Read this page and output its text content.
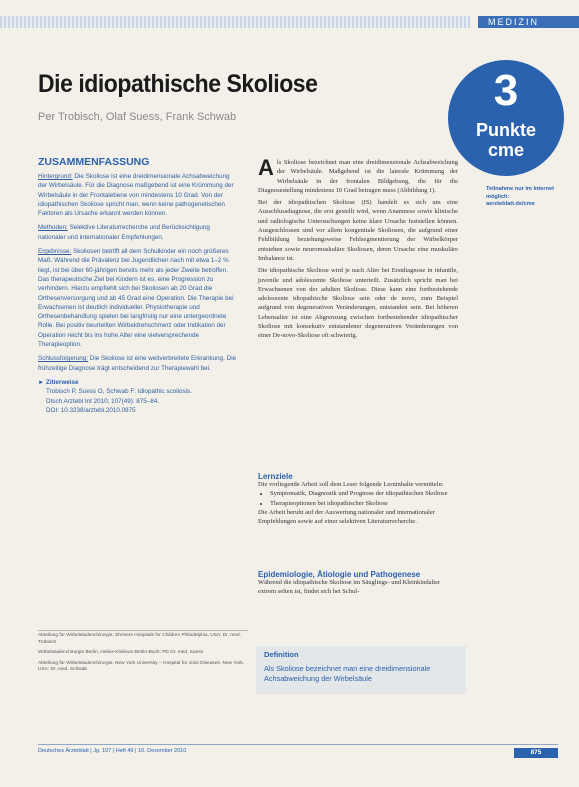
MEDIZIN
Die idiopathische Skoliose
Per Trobisch, Olaf Suess, Frank Schwab
3
Punkte
cme
ZUSAMMENFASSUNG

Hintergrund: Die Skoliose ist eine dreidimensionale Achsabweichung der Wirbelsäule. Für die Diagnose maßgebend ist eine Krümmung der Wirbelsäule in der Frontalebene von mindestens 10 Grad. Von der idiopathischen Skoliose spricht man, wenn keine pathogenetischen Faktoren als Ursache erkannt werden können.

Methoden: Selektive Literaturrecherche und Berücksichtigung nationaler und internationaler Empfehlungen.

Ergebnisse: Skoliosen betrifft all dem Schulkinder ein noch größeres Maß. Während die Prävalenz bei Jugendlichen nach mit etwa 1–2 % liegt, ist bei über 60-jährigen bereits mehr als jeder Zweite betroffen. Das therapeutische Ziel bei Kindern ist es, eine Progression zu verhindern. Hierzu empfiehlt sich bei Skoliosen ab 20 Grad die Orthesenversorgung und ab 45 Grad eine Operation. Die Therapie bei Erwachsenen ist deutlich individueller. Physiotherapie und Orthesenbehandlung spielen bei langfristig nur eine untergeordnete Rolle. Bei positiv beurteilten Wirbeldrehschmerz oder Indikation der Operation reicht bis ins hohe Alter eine vielversprechende Therapieoption.

Schlussfolgerung: Die Skoliose ist eine weitverbreitete Erkrankung. Die frühzeitige Diagnose trägt entscheidend zur Therapiewahl bei.

► Zitierweise
Trobisch P, Suess O, Schwab F: Idiopathic scoliosis.
Dtsch Arztebl Int 2010; 107(49): 875–84.
DOI: 10.3238/arztebl.2010.0875

Als Skoliose bezeichnet man eine dreidimensionale Achsabweichung der Wirbelsäule. Maßgebend ist die laterale Krümmung der Wirbelsäule in der frontalen Bildgebung, die für die Diagnosestellung mindestens 10 Grad betragen muss (Abbildung 1).

Bei der idiopathischen Skoliose (IS) handelt es sich um eine Ausschlussdiagnose, die erst gestellt wird, wenn Anamnese sowie klinische und radiologische Untersuchungen keine klare Ursache feststellen können. Ausgeschlossen sind vor allem kongenitale Skoliosen, die aufgrund einer Fehlbildung beziehungsweise Fehlsegmentierung der Wirbelkörper entstehen sowie neuromuskuläre Skoliosen, deren Ursache eine muskuläre Imbalance ist.

Die idiopathische Skoliose wird je nach Alter bei Erstdiagnose in infantile, juvenile und adoleszente Skoliose unterteilt. Zusätzlich spricht man bei Erwachsenen von der adulten Skoliose. Diese kann eine fortbestehende adoleszente idiopathische Skoliose sein oder de novo, zum Beispiel aufgrund von degenerativen Veränderungen, entstanden sein. Bei höheren Lebensalter ist eine Abgrenzung zwischen fortbestehender idiopathischer Skoliose mit konsekutiv entstandener degenerativen Veränderungen von einer De-novo-Skoliose oft schwierig.

Teilnahme nur im Internet möglich: aerzteblatt.de/cme
Lernziele
Die vorliegende Arbeit soll dem Leser folgende Lerninhalte vermitteln:
• Symptomatik, Diagnostik und Prognose der idiopathischen Skoliose
• Therapieoptionen bei idiopathischer Skoliose
Die Arbeit beruht auf der Auswertung nationaler und internationaler Empfehlungen sowie auf einer selektiven Literaturrecherche.
Epidemiologie, Ätiologie und Pathogenese
Während die idiopathische Skoliose im Säuglings- und Kleinkindalter extrem selten ist, findet sich bei Schul-
Abteilung für Wirbelsäulenchirurgie, Shriners Hospitals for Children Philadelphia, USA: Dr. med. Trobisch
Wirbelsäulenchirurgie Berlin, Helios-Klinikum Berlin-Buch: PD Dr. med. Suess
Abteilung für Wirbelsäulenchirurgie, New York University – Hospital for Joint Diseases, New York, USA: Dr. med. Schwab
Definition
Als Skoliose bezeichnet man eine dreidimensionale Achsabweichung der Wirbelsäule
Deutsches Ärzteblatt | Jg. 107 | Heft 49 | 10. Dezember 2010	875
